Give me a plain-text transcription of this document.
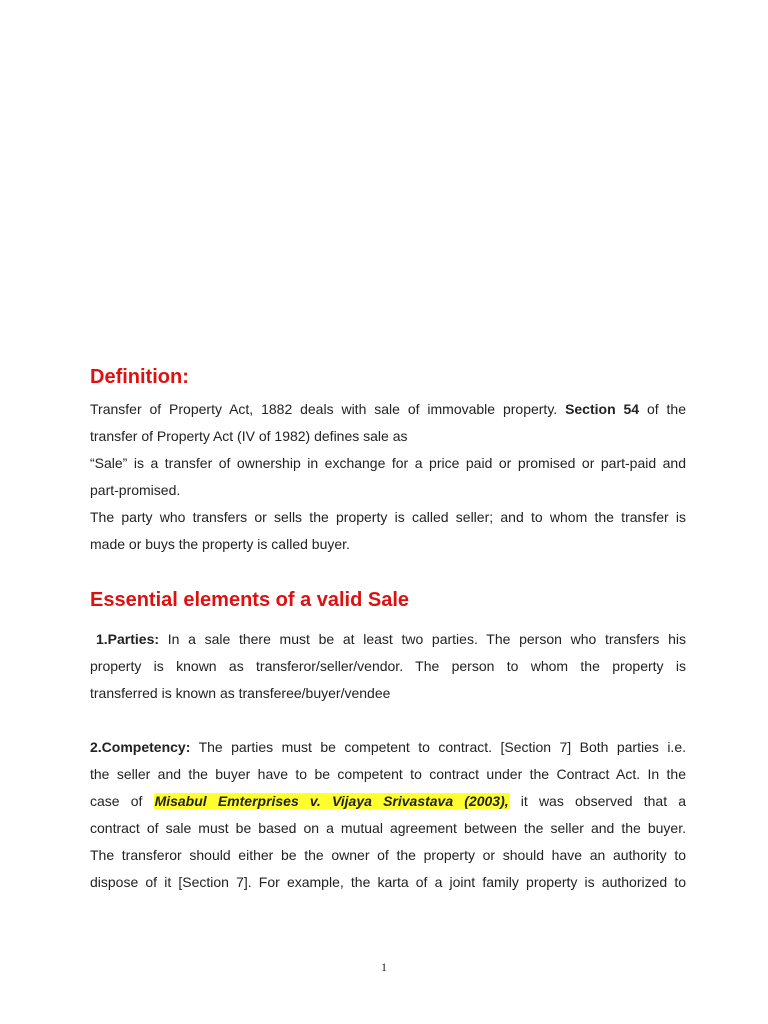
Definition:
Transfer of Property Act, 1882 deals with sale of immovable property. Section 54 of the
transfer of Property Act (IV of 1982) defines sale as
“Sale” is a transfer of ownership in exchange for a price paid or promised or part-paid and
part-promised.
The party who transfers or sells the property is called seller; and to whom the transfer is
made or buys the property is called buyer.
Essential elements of a valid Sale
1.Parties: In a sale there must be at least two parties. The person who transfers his
property is known as transferor/seller/vendor. The person to whom the property is
transferred is known as transferee/buyer/vendee
2.Competency: The parties must be competent to contract. [Section 7] Both parties i.e.
the seller and the buyer have to be competent to contract under the Contract Act. In the
case of Misabul Emterprises v. Vijaya Srivastava (2003), it was observed that a
contract of sale must be based on a mutual agreement between the seller and the buyer.
The transferor should either be the owner of the property or should have an authority to
dispose of it [Section 7]. For example, the karta of a joint family property is authorized to
1
